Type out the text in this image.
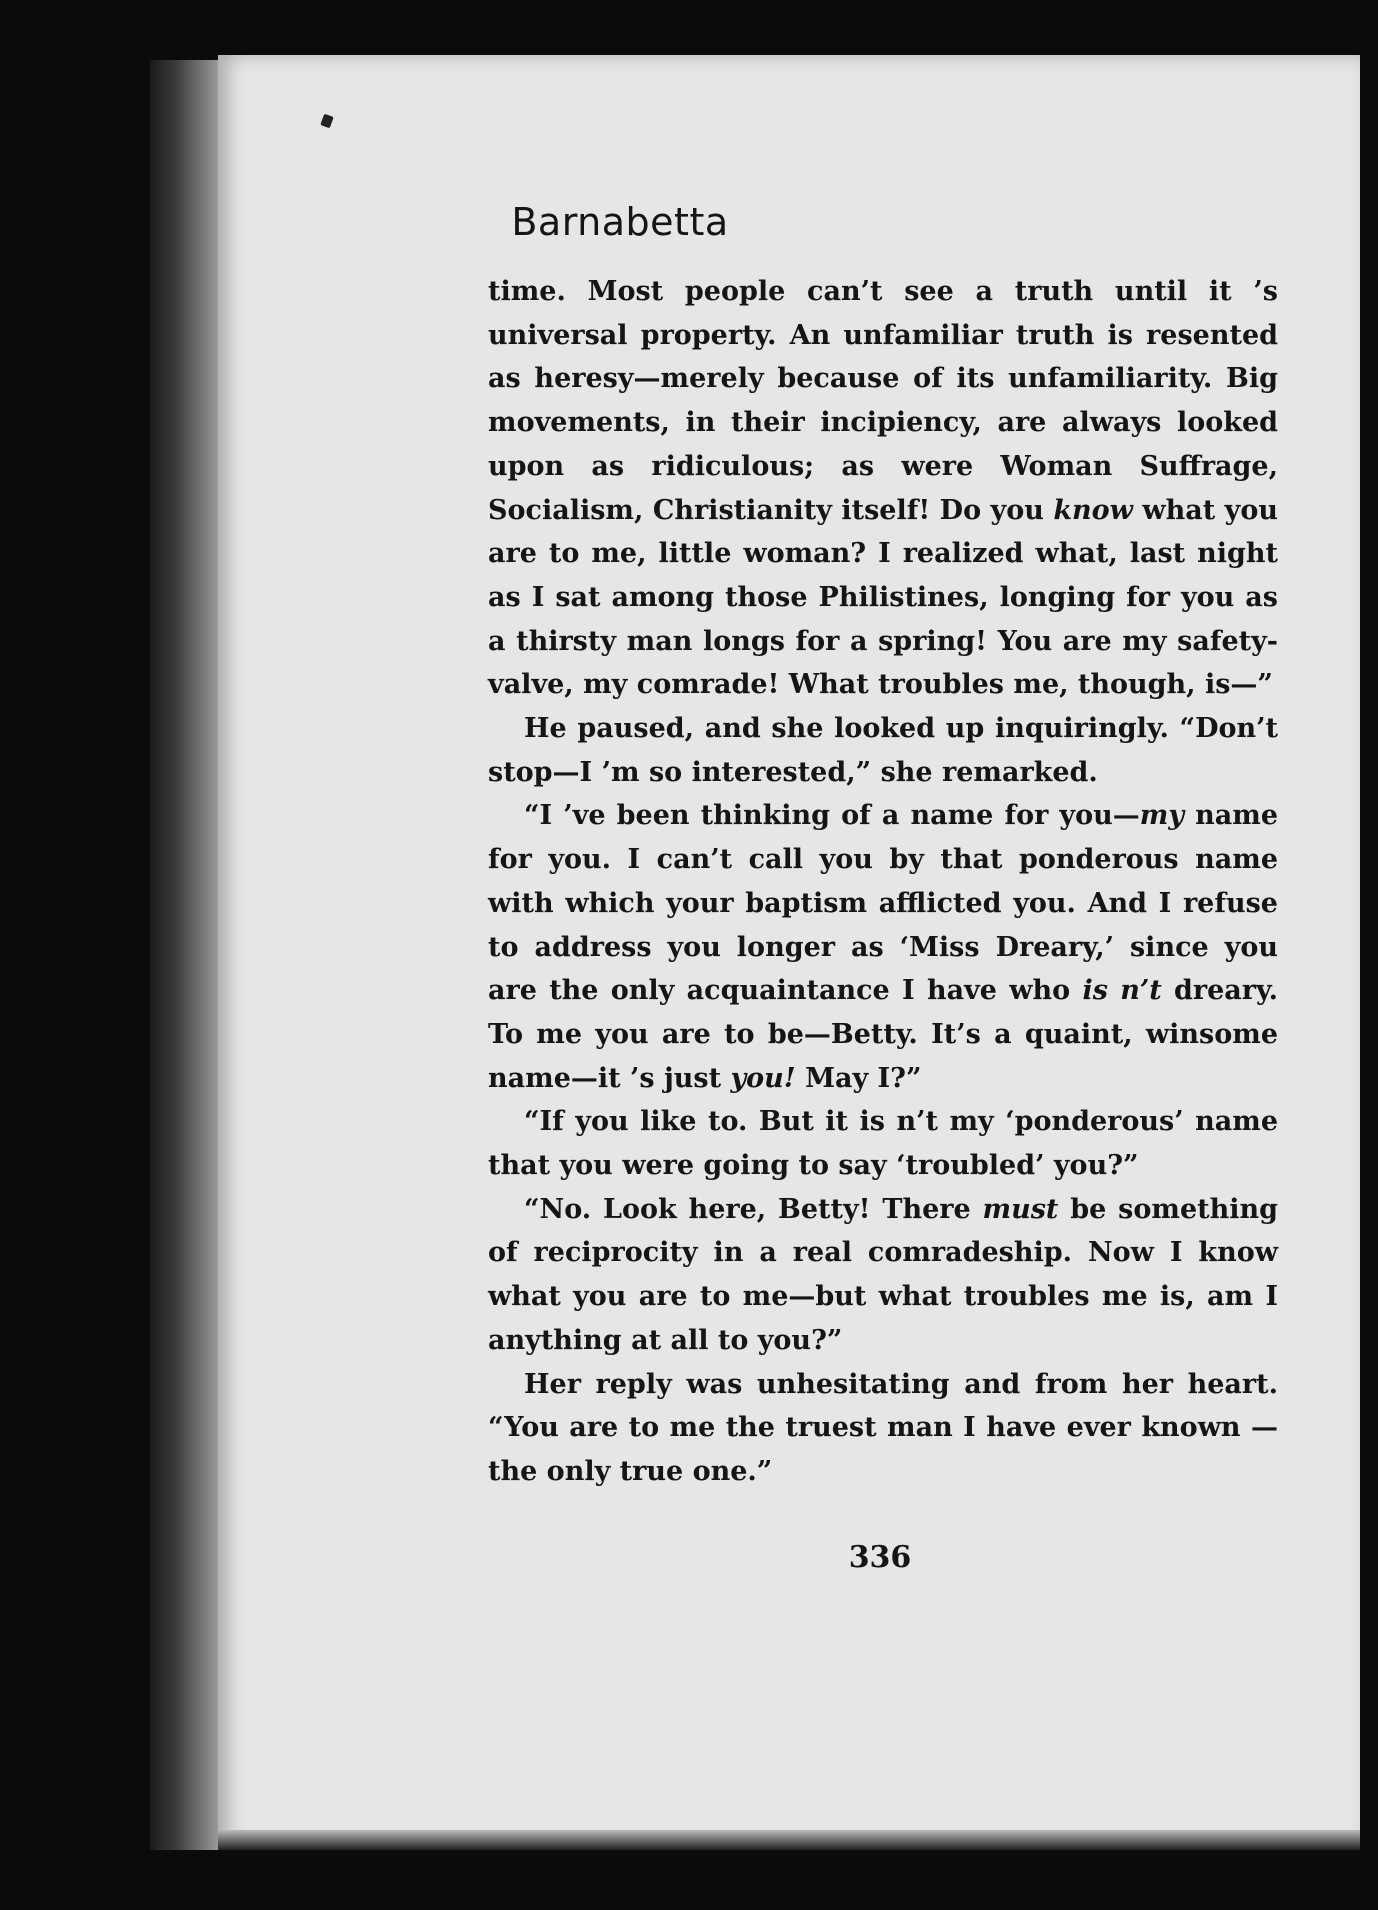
Barnabetta

time. Most people can’t see a truth until it ’s universal property. An unfamiliar truth is resented as heresy—merely because of its unfamiliarity. Big movements, in their incipiency, are always looked upon as ridiculous; as were Woman Suffrage, Socialism, Christianity itself! Do you know what you are to me, little woman? I realized what, last night as I sat among those Philistines, longing for you as a thirsty man longs for a spring! You are my safety-valve, my comrade! What troubles me, though, is—”

He paused, and she looked up inquiringly. “Don’t stop—I ’m so interested,” she remarked.

“I ’ve been thinking of a name for you—my name for you. I can’t call you by that ponderous name with which your baptism afflicted you. And I refuse to address you longer as ‘Miss Dreary,’ since you are the only acquaintance I have who is n’t dreary. To me you are to be—Betty. It’s a quaint, winsome name—it ’s just you! May I?”

“If you like to. But it is n’t my ‘ponderous’ name that you were going to say ‘troubled’ you?”

“No. Look here, Betty! There must be something of reciprocity in a real comradeship. Now I know what you are to me—but what troubles me is, am I anything at all to you?”

Her reply was unhesitating and from her heart. “You are to me the truest man I have ever known —the only true one.”

336
